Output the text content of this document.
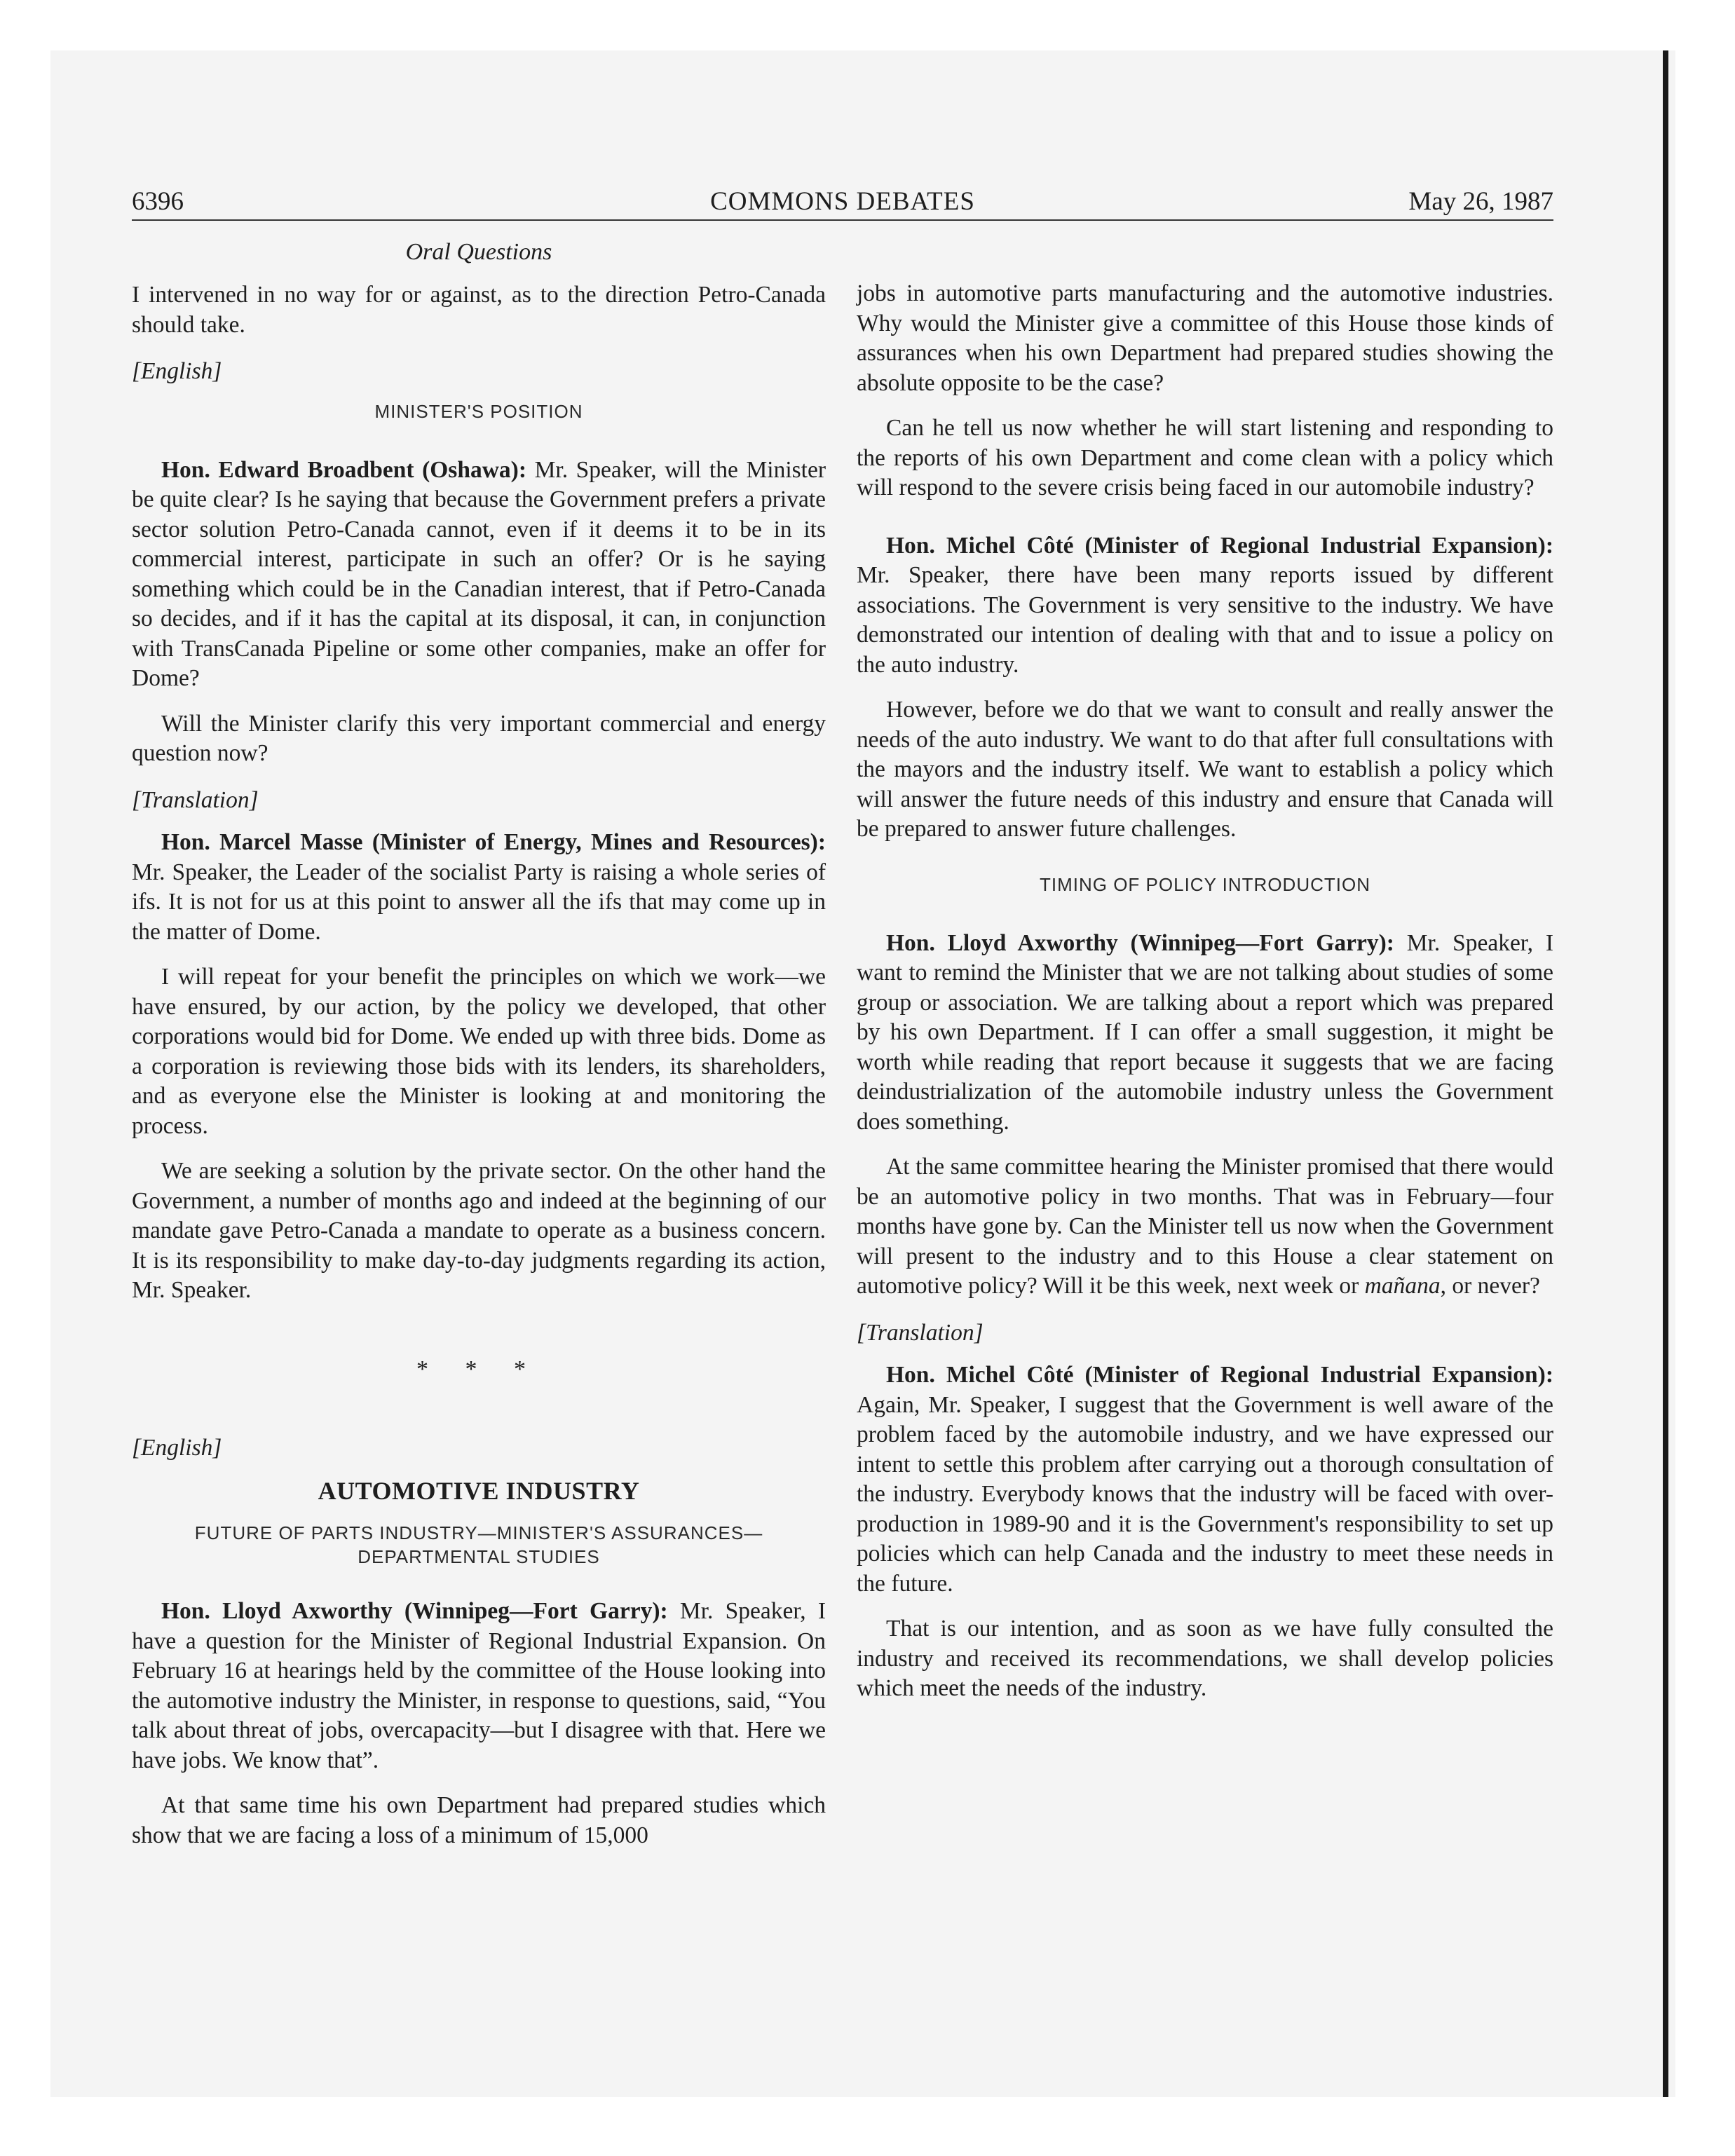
6396	COMMONS DEBATES	May 26, 1987
Oral Questions

I intervened in no way for or against, as to the direction Petro-Canada should take.

[English]

MINISTER'S POSITION

Hon. Edward Broadbent (Oshawa): Mr. Speaker, will the Minister be quite clear? Is he saying that because the Government prefers a private sector solution Petro-Canada cannot, even if it deems it to be in its commercial interest, participate in such an offer? Or is he saying something which could be in the Canadian interest, that if Petro-Canada so decides, and if it has the capital at its disposal, it can, in conjunction with TransCanada Pipeline or some other companies, make an offer for Dome?

Will the Minister clarify this very important commercial and energy question now?

[Translation]

Hon. Marcel Masse (Minister of Energy, Mines and Resources): Mr. Speaker, the Leader of the socialist Party is raising a whole series of ifs. It is not for us at this point to answer all the ifs that may come up in the matter of Dome.

I will repeat for your benefit the principles on which we work—we have ensured, by our action, by the policy we developed, that other corporations would bid for Dome. We ended up with three bids. Dome as a corporation is reviewing those bids with its lenders, its shareholders, and as everyone else the Minister is looking at and monitoring the process.

We are seeking a solution by the private sector. On the other hand the Government, a number of months ago and indeed at the beginning of our mandate gave Petro-Canada a mandate to operate as a business concern. It is its responsibility to make day-to-day judgments regarding its action, Mr. Speaker.

* * *

[English]

AUTOMOTIVE INDUSTRY

FUTURE OF PARTS INDUSTRY—MINISTER'S ASSURANCES—
DEPARTMENTAL STUDIES

Hon. Lloyd Axworthy (Winnipeg—Fort Garry): Mr. Speaker, I have a question for the Minister of Regional Industrial Expansion. On February 16 at hearings held by the committee of the House looking into the automotive industry the Minister, in response to questions, said, “You talk about threat of jobs, overcapacity—but I disagree with that. Here we have jobs. We know that”.

At that same time his own Department had prepared studies which show that we are facing a loss of a minimum of 15,000

jobs in automotive parts manufacturing and the automotive industries. Why would the Minister give a committee of this House those kinds of assurances when his own Department had prepared studies showing the absolute opposite to be the case?

Can he tell us now whether he will start listening and responding to the reports of his own Department and come clean with a policy which will respond to the severe crisis being faced in our automobile industry?

Hon. Michel Côté (Minister of Regional Industrial Expansion): Mr. Speaker, there have been many reports issued by different associations. The Government is very sensitive to the industry. We have demonstrated our intention of dealing with that and to issue a policy on the auto industry.

However, before we do that we want to consult and really answer the needs of the auto industry. We want to do that after full consultations with the mayors and the industry itself. We want to establish a policy which will answer the future needs of this industry and ensure that Canada will be prepared to answer future challenges.

TIMING OF POLICY INTRODUCTION

Hon. Lloyd Axworthy (Winnipeg—Fort Garry): Mr. Speaker, I want to remind the Minister that we are not talking about studies of some group or association. We are talking about a report which was prepared by his own Department. If I can offer a small suggestion, it might be worth while reading that report because it suggests that we are facing deindustrialization of the automobile industry unless the Government does something.

At the same committee hearing the Minister promised that there would be an automotive policy in two months. That was in February—four months have gone by. Can the Minister tell us now when the Government will present to the industry and to this House a clear statement on automotive policy? Will it be this week, next week or mañana, or never?

[Translation]

Hon. Michel Côté (Minister of Regional Industrial Expansion): Again, Mr. Speaker, I suggest that the Government is well aware of the problem faced by the automobile industry, and we have expressed our intent to settle this problem after carrying out a thorough consultation of the industry. Everybody knows that the industry will be faced with over-production in 1989-90 and it is the Government's responsibility to set up policies which can help Canada and the industry to meet these needs in the future.

That is our intention, and as soon as we have fully consulted the industry and received its recommendations, we shall develop policies which meet the needs of the industry.
